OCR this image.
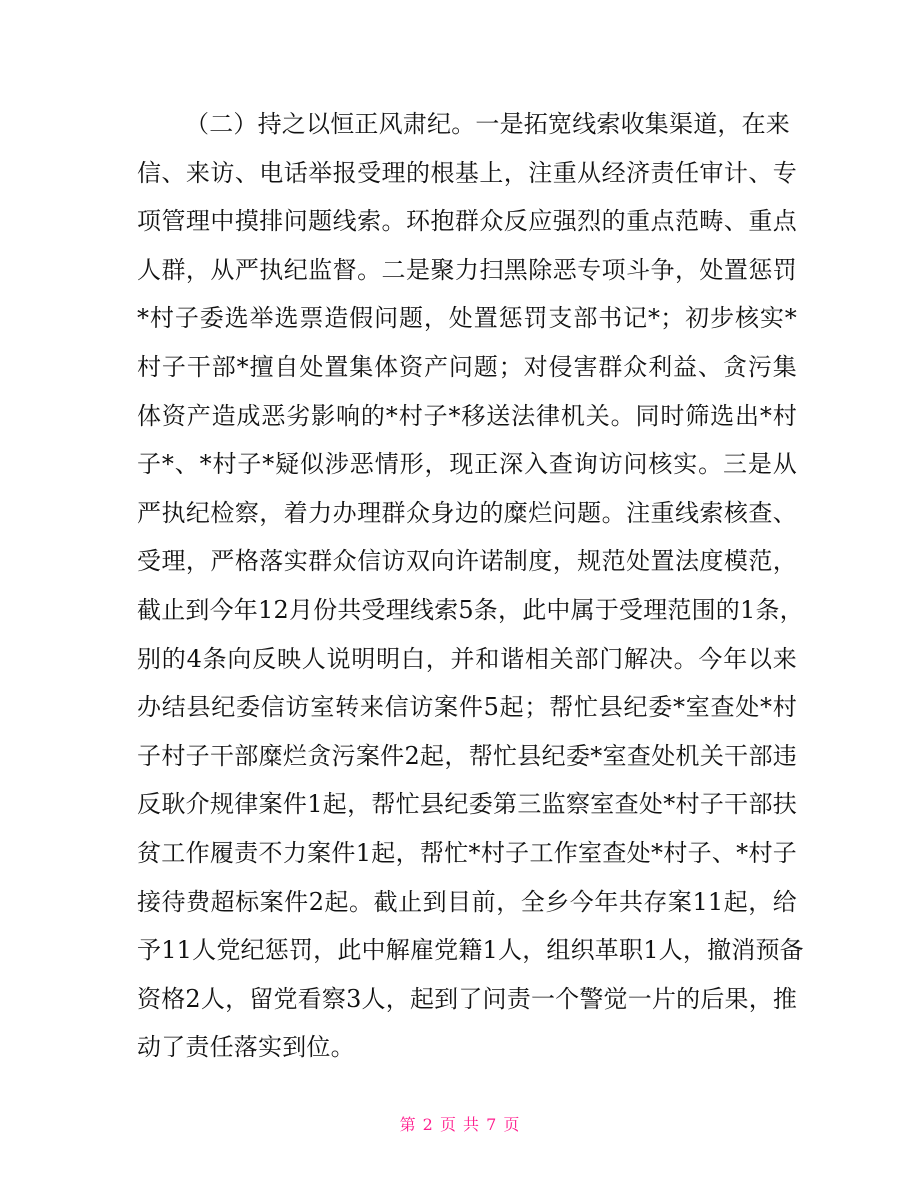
（二）持之以恒正风肃纪。一是拓宽线索收集渠道，在来
信、来访、电话举报受理的根基上，注重从经济责任审计、专
项管理中摸排问题线索。环抱群众反应强烈的重点范畴、重点
人群，从严执纪监督。二是聚力扫黑除恶专项斗争，处置惩罚
*村子委选举选票造假问题，处置惩罚支部书记*；初步核实*
村子干部*擅自处置集体资产问题；对侵害群众利益、贪污集
体资产造成恶劣影响的*村子*移送法律机关。同时筛选出*村
子*、*村子*疑似涉恶情形，现正深入查询访问核实。三是从
严执纪检察，着力办理群众身边的糜烂问题。注重线索核查、
受理，严格落实群众信访双向许诺制度，规范处置法度模范，
截止到今年12月份共受理线索5条，此中属于受理范围的1条，
别的4条向反映人说明明白，并和谐相关部门解决。今年以来
办结县纪委信访室转来信访案件5起；帮忙县纪委*室查处*村
子村子干部糜烂贪污案件2起，帮忙县纪委*室查处机关干部违
反耿介规律案件1起，帮忙县纪委第三监察室查处*村子干部扶
贫工作履责不力案件1起，帮忙*村子工作室查处*村子、*村子
接待费超标案件2起。截止到目前，全乡今年共存案11起，给
予11人党纪惩罚，此中解雇党籍1人，组织革职1人，撤消预备
资格2人，留党看察3人，起到了问责一个警觉一片的后果，推
动了责任落实到位。
第 2 页 共 7 页
